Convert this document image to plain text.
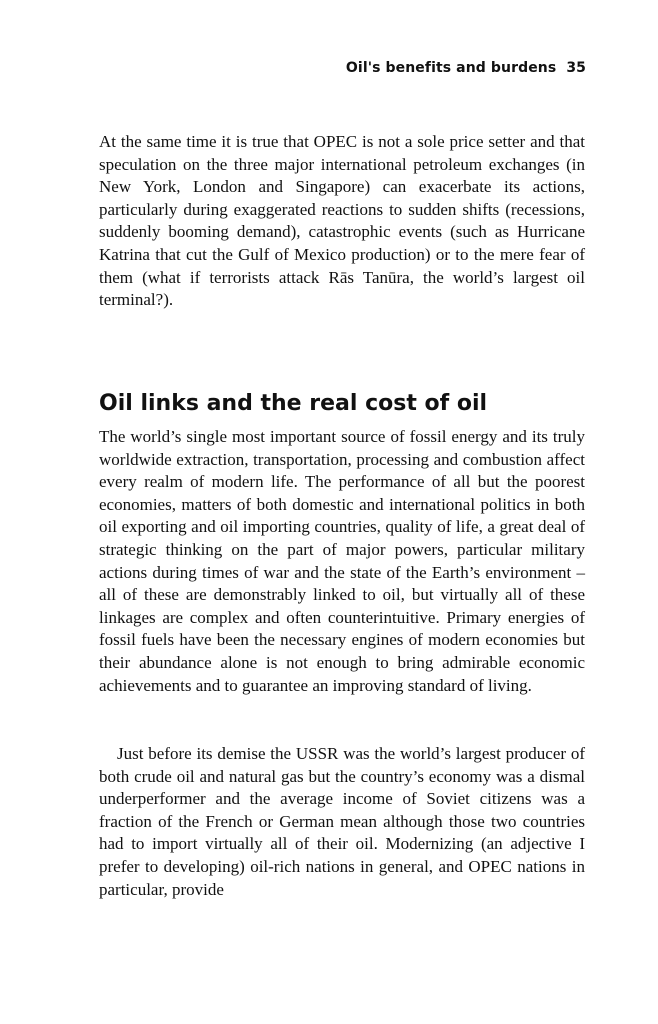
Oil's benefits and burdens 35

At the same time it is true that OPEC is not a sole price setter and that speculation on the three major international petroleum exchanges (in New York, London and Singapore) can exacerbate its actions, particularly during exaggerated reactions to sudden shifts (recessions, suddenly booming demand), catastrophic events (such as Hurricane Katrina that cut the Gulf of Mexico production) or to the mere fear of them (what if terrorists attack Rās Tanūra, the world’s largest oil terminal?).

Oil links and the real cost of oil

The world’s single most important source of fossil energy and its truly worldwide extraction, transportation, processing and combustion affect every realm of modern life. The performance of all but the poorest economies, matters of both domestic and international politics in both oil exporting and oil importing countries, quality of life, a great deal of strategic thinking on the part of major powers, particular military actions during times of war and the state of the Earth’s environment – all of these are demonstrably linked to oil, but virtually all of these linkages are complex and often counterintuitive. Primary energies of fossil fuels have been the necessary engines of modern economies but their abundance alone is not enough to bring admirable economic achievements and to guarantee an improving standard of living.

Just before its demise the USSR was the world’s largest producer of both crude oil and natural gas but the country’s economy was a dismal underperformer and the average income of Soviet citizens was a fraction of the French or German mean although those two countries had to import virtually all of their oil. Modernizing (an adjective I prefer to developing) oil-rich nations in general, and OPEC nations in particular, provide
